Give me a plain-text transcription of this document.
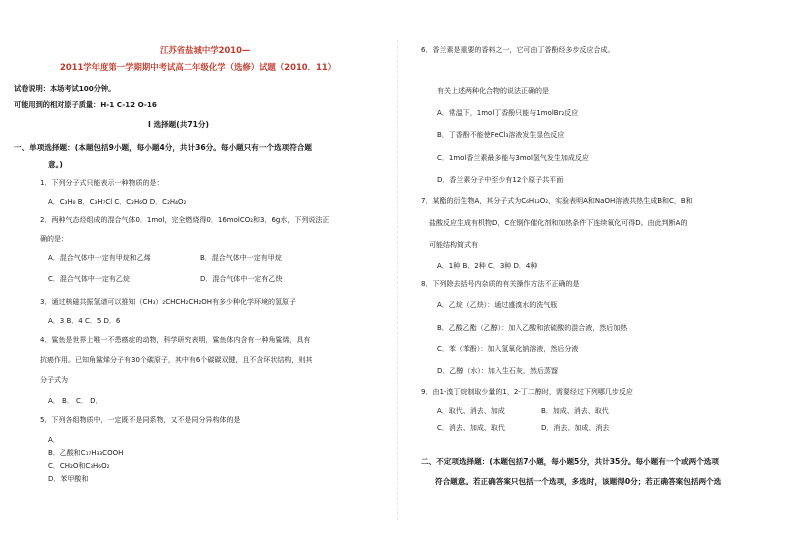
江苏省盐城中学2010—
2011学年度第一学期期中考试高二年级化学（选修）试题（2010．11）
试卷说明：本场考试100分钟。
可能用到的相对原子质量：H-1 C-12 O-16
Ⅰ 选择题(共71分)
一、单项选择题：(本题包括9小题，每小题4分，共计36分。每小题只有一个选项符合题
意。)
1．下列分子式只能表示一种物质的是：
A．C₃H₈ B．C₃H₇Cl C．C₂H₆O D．C₂H₄O₂
2．两种气态烃组成的混合气体0．1mol，完全燃烧得0．16molCO₂和3．6g水，下列说法正
确的是：
A．混合气体中一定有甲烷和乙烯	B．混合气体中一定有甲烷
C．混合气体中一定有乙烷	D．混合气体中一定有乙炔
3．通过核磁共振氢谱可以推知（CH₃）₂CHCH₂CH₂OH有多少种化学环境的氢原子
A．3 B．4 C．5 D．6
4．鲨鱼是世界上唯一不患癌症的动物，科学研究表明，鲨鱼体内含有一种角鲨烯，具有
抗癌作用。已知角鲨烯分子有30个碳原子，其中有6个碳碳双键，且不含环状结构，则其
分子式为
A． B． C． D．
5．下列各组物质中，一定既不是同系物，又不是同分异构体的是
A．
B．乙酸和C₁₇H₃₃COOH
C．CH₂O和C₃H₆O₂
D．苯甲酸和
6．香兰素是重要的香料之一，它可由丁香酚经多步反应合成。
有关上述两种化合物的说法正确的是
A．常温下，1mol丁香酚只能与1molBr₂反应
B．丁香酚不能使FeCl₃溶液发生显色反应
C．1mol香兰素最多能与3mol氢气发生加成反应
D．香兰素分子中至少有12个原子共平面
7．某酯的衍生物A，其分子式为C₆H₁₂O₂，实验表明A和NaOH溶液共热生成B和C，B和
盐酸反应生成有机物D，C在铜作催化剂和加热条件下连续氧化可得D。由此判断A的
可能结构简式有
A．1种 B．2种 C．3种 D．4种
8．下列除去括号内杂质的有关操作方法不正确的是
A．乙烷（乙炔）：通过盛溴水的洗气瓶
B．乙酸乙酯（乙醇）：加入乙酸和浓硫酸的混合液，然后加热
C．苯（苯酚）：加入氢氧化钠溶液，然后分液
D．乙醇（水）：加入生石灰，然后蒸馏
9．由1-溴丁烷制取少量的1，2-丁二醇时，需要经过下列哪几步反应
A．取代、消去、加成	B．加成、消去、取代
C．消去、加成、取代	D．消去、加成、消去
二、不定项选择题：(本题包括7小题，每小题5分，共计35分。每小题有一个或两个选项
符合题意。若正确答案只包括一个选项，多选时，该题得0分；若正确答案包括两个选
